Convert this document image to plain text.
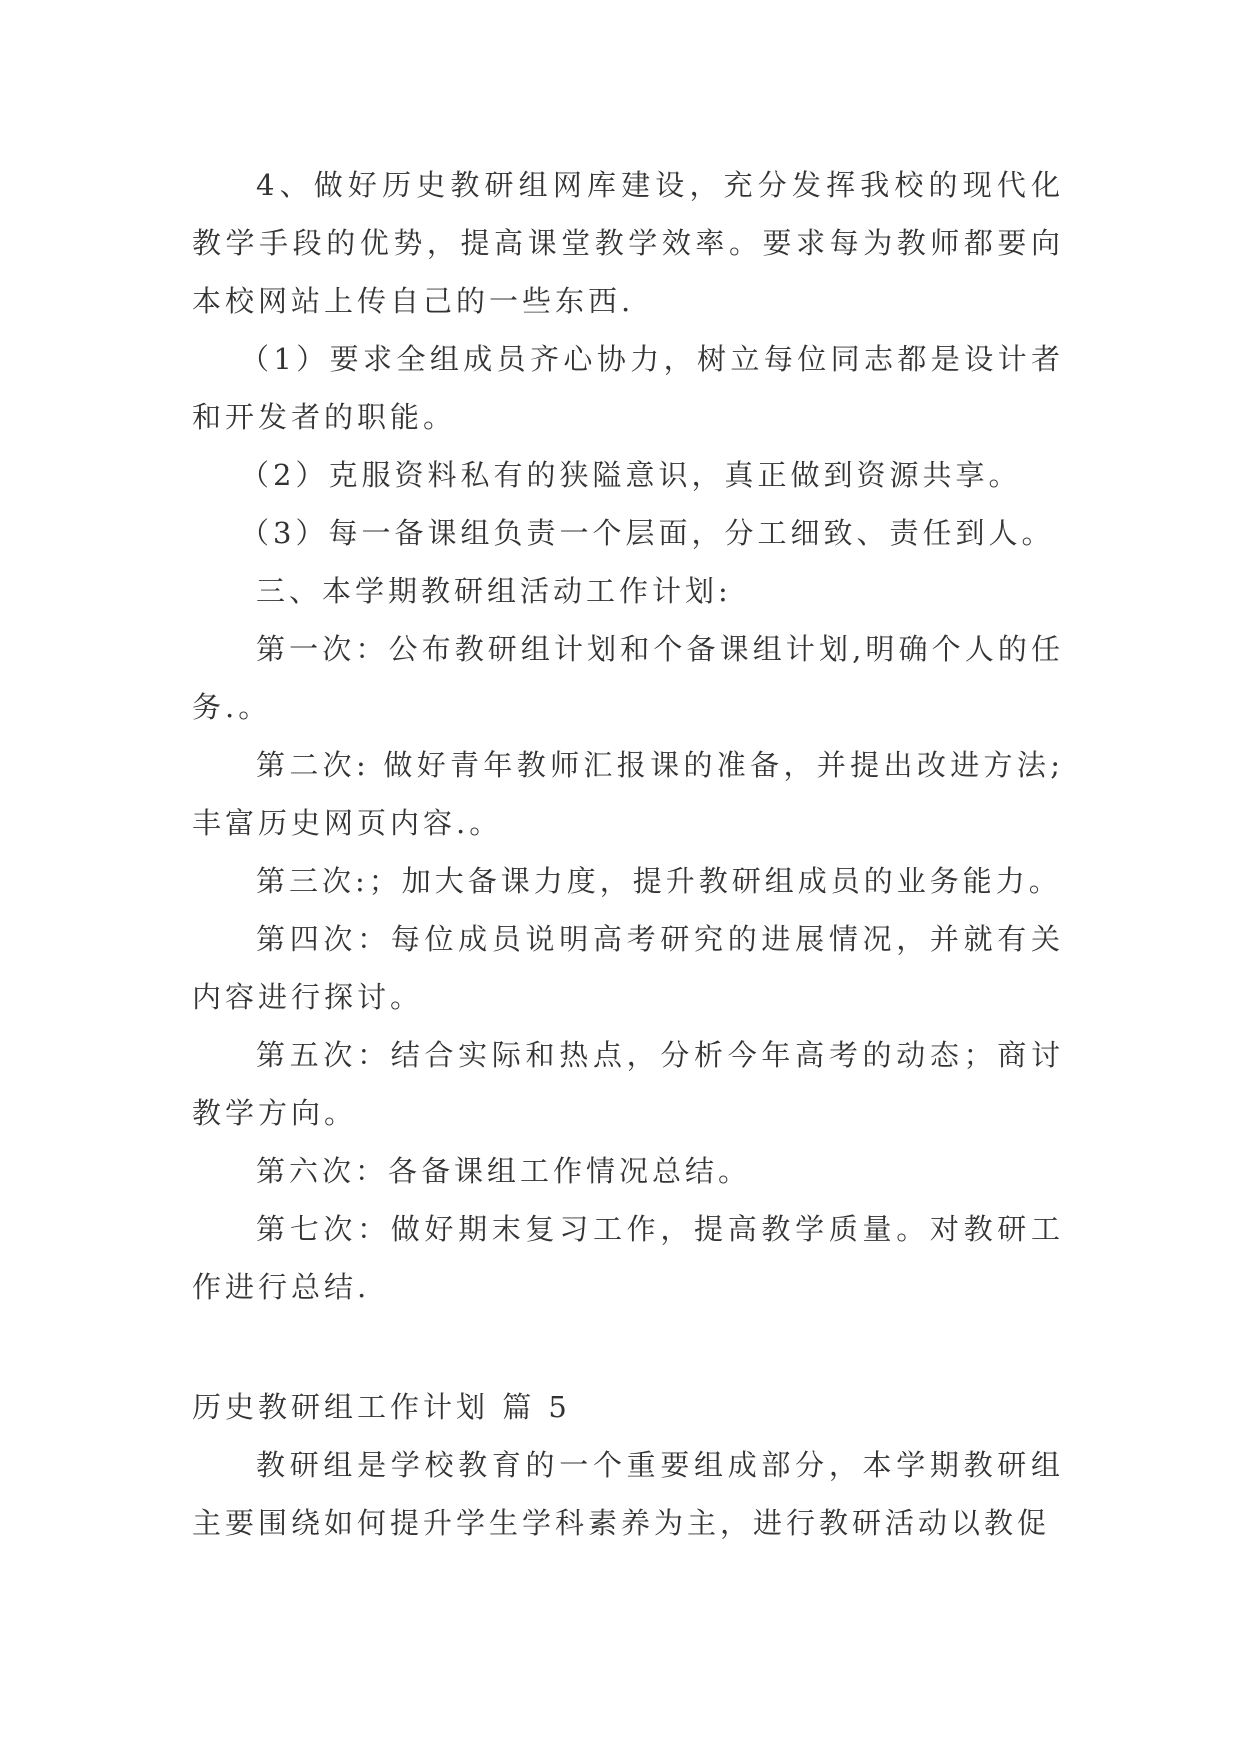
4、做好历史教研组网库建设，充分发挥我校的现代化教学手段的优势，提高课堂教学效率。要求每为教师都要向本校网站上传自己的一些东西.

（1）要求全组成员齐心协力，树立每位同志都是设计者和开发者的职能。

（2）克服资料私有的狭隘意识，真正做到资源共享。

（3）每一备课组负责一个层面，分工细致、责任到人。

三、本学期教研组活动工作计划:

第一次：公布教研组计划和个备课组计划,明确个人的任务.。

第二次: 做好青年教师汇报课的准备，并提出改进方法; 丰富历史网页内容.。

第三次:；加大备课力度，提升教研组成员的业务能力。

第四次：每位成员说明高考研究的进展情况，并就有关内容进行探讨。

第五次：结合实际和热点，分析今年高考的动态；商讨教学方向。

第六次：各备课组工作情况总结。

第七次：做好期末复习工作，提高教学质量。对教研工作进行总结.

历史教研组工作计划 篇 5

教研组是学校教育的一个重要组成部分，本学期教研组主要围绕如何提升学生学科素养为主，进行教研活动以教促
